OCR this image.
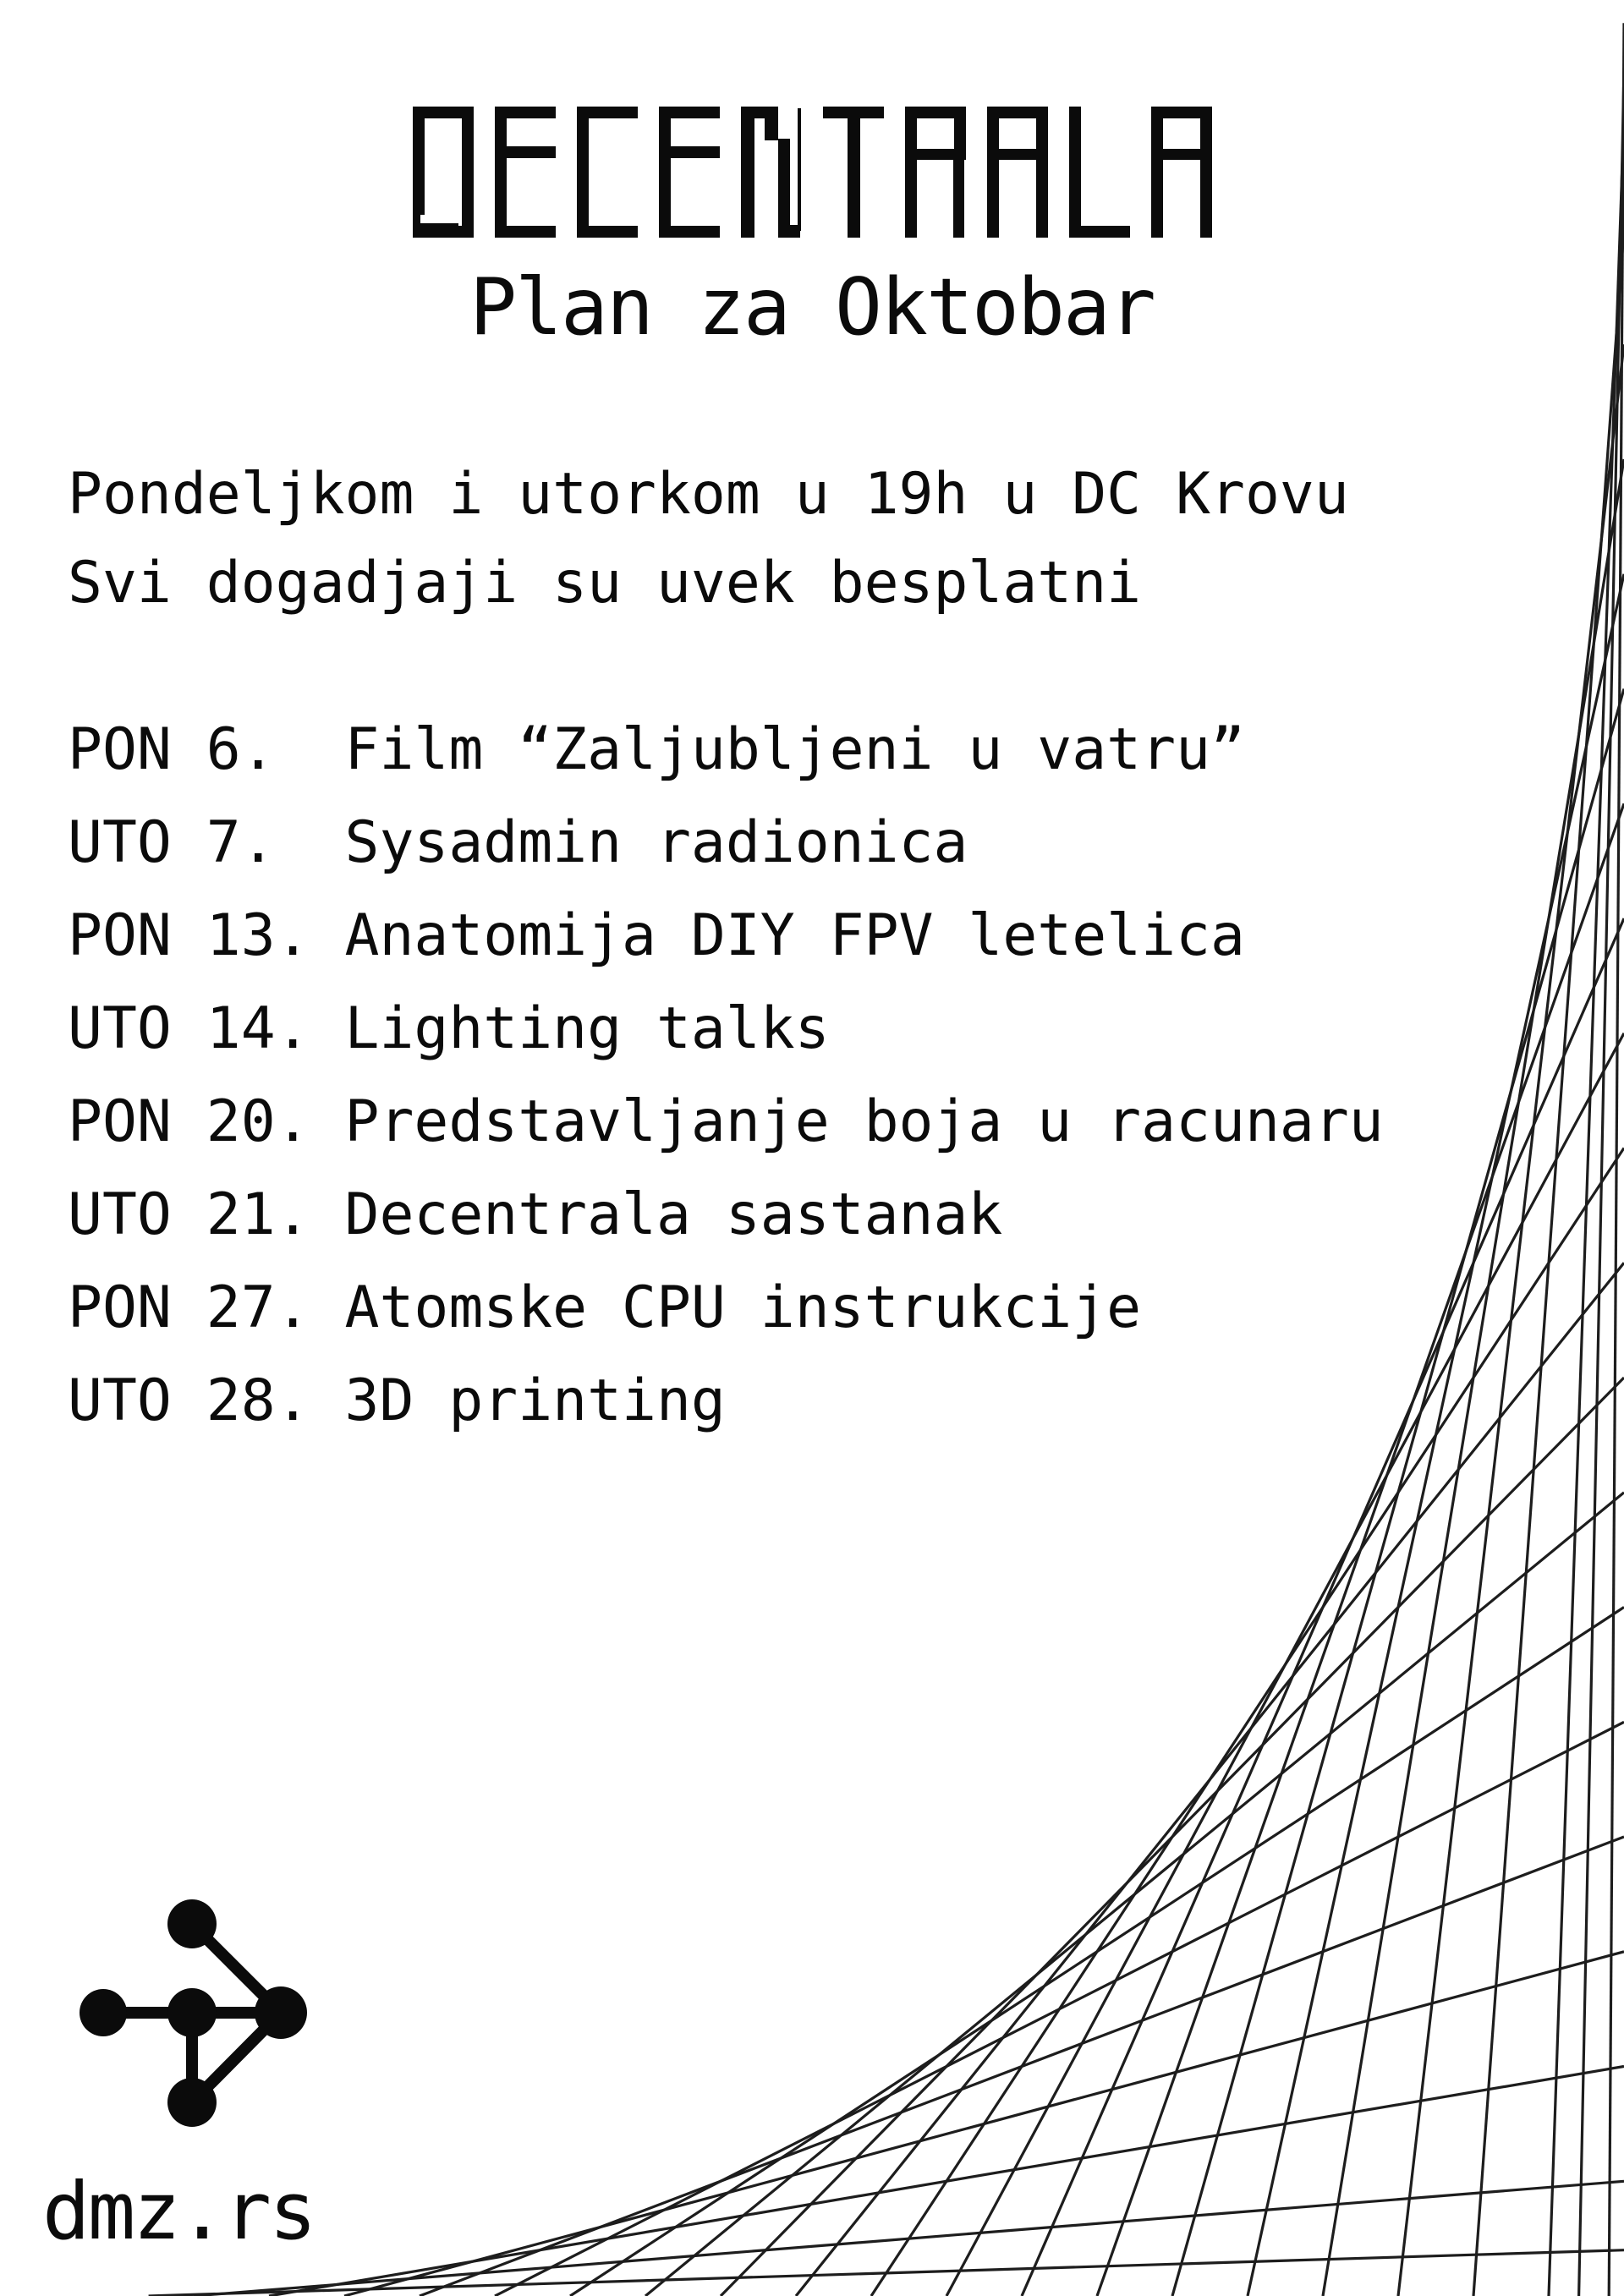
Plan za Oktobar
Pondeljkom i utorkom u 19h u DC Krovu
Svi dogadjaji su uvek besplatni
PON 6. Film “Zaljubljeni u vatru”
UTO 7. Sysadmin radionica
PON 13. Anatomija DIY FPV letelica
UTO 14. Lighting talks
PON 20. Predstavljanje boja u racunaru
UTO 21. Decentrala sastanak
PON 27. Atomske CPU instrukcije
UTO 28. 3D printing
dmz.rs
